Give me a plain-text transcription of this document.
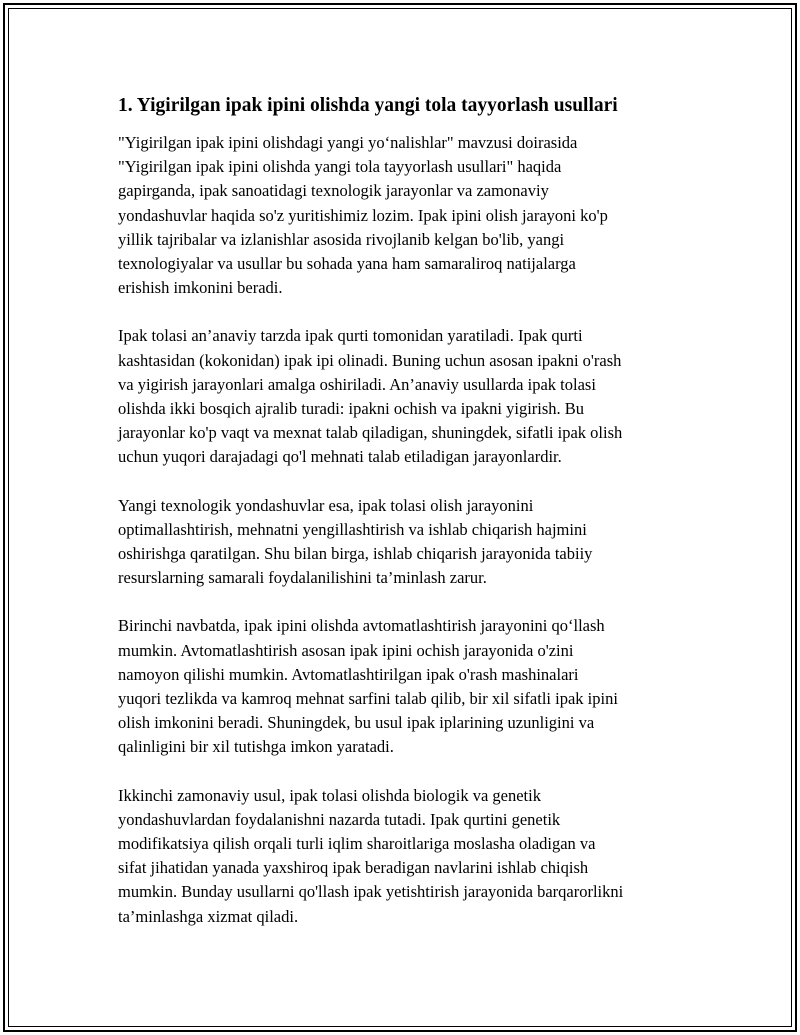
1. Yigirilgan ipak ipini olishda yangi tola tayyorlash usullari
"Yigirilgan ipak ipini olishdagi yangi yo‘nalishlar" mavzusi doirasida
"Yigirilgan ipak ipini olishda yangi tola tayyorlash usullari" haqida
gapirganda, ipak sanoatidagi texnologik jarayonlar va zamonaviy
yondashuvlar haqida so'z yuritishimiz lozim. Ipak ipini olish jarayoni ko'p
yillik tajribalar va izlanishlar asosida rivojlanib kelgan bo'lib, yangi
texnologiyalar va usullar bu sohada yana ham samaraliroq natijalarga
erishish imkonini beradi.
Ipak tolasi an’anaviy tarzda ipak qurti tomonidan yaratiladi. Ipak qurti
kashtasidan (kokonidan) ipak ipi olinadi. Buning uchun asosan ipakni o'rash
va yigirish jarayonlari amalga oshiriladi. An’anaviy usullarda ipak tolasi
olishda ikki bosqich ajralib turadi: ipakni ochish va ipakni yigirish. Bu
jarayonlar ko'p vaqt va mexnat talab qiladigan, shuningdek, sifatli ipak olish
uchun yuqori darajadagi qo'l mehnati talab etiladigan jarayonlardir.
Yangi texnologik yondashuvlar esa, ipak tolasi olish jarayonini
optimallashtirish, mehnatni yengillashtirish va ishlab chiqarish hajmini
oshirishga qaratilgan. Shu bilan birga, ishlab chiqarish jarayonida tabiiy
resurslarning samarali foydalanilishini ta’minlash zarur.
Birinchi navbatda, ipak ipini olishda avtomatlashtirish jarayonini qo‘llash
mumkin. Avtomatlashtirish asosan ipak ipini ochish jarayonida o'zini
namoyon qilishi mumkin. Avtomatlashtirilgan ipak o'rash mashinalari
yuqori tezlikda va kamroq mehnat sarfini talab qilib, bir xil sifatli ipak ipini
olish imkonini beradi. Shuningdek, bu usul ipak iplarining uzunligini va
qalinligini bir xil tutishga imkon yaratadi.
Ikkinchi zamonaviy usul, ipak tolasi olishda biologik va genetik
yondashuvlardan foydalanishni nazarda tutadi. Ipak qurtini genetik
modifikatsiya qilish orqali turli iqlim sharoitlariga moslasha oladigan va
sifat jihatidan yanada yaxshiroq ipak beradigan navlarini ishlab chiqish
mumkin. Bunday usullarni qo'llash ipak yetishtirish jarayonida barqarorlikni
ta’minlashga xizmat qiladi.
